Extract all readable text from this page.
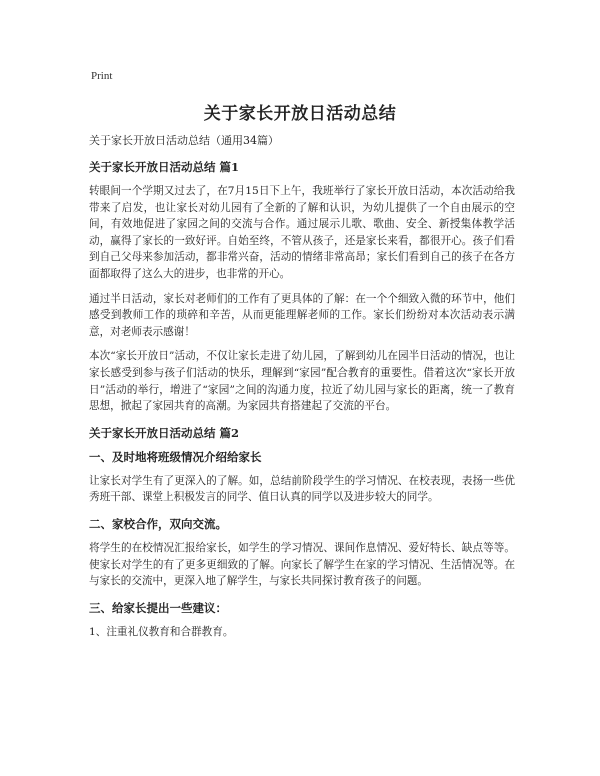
Print
关于家长开放日活动总结
关于家长开放日活动总结（通用34篇）
关于家长开放日活动总结 篇1

转眼间一个学期又过去了，在7月15日下上午，我班举行了家长开放日活动，本次活动给我带来了启发，也让家长对幼儿园有了全新的了解和认识，为幼儿提供了一个自由展示的空间，有效地促进了家园之间的交流与合作。通过展示儿歌、歌曲、安全、新授集体教学活动，赢得了家长的一致好评。自始至终，不管从孩子，还是家长来看，都很开心。孩子们看到自己父母来参加活动，都非常兴奋，活动的情绪非常高昂；家长们看到自己的孩子在各方面都取得了这么大的进步，也非常的开心。

通过半日活动，家长对老师们的工作有了更具体的了解：在一个个细致入微的环节中，他们感受到教师工作的琐碎和辛苦，从而更能理解老师的工作。家长们纷纷对本次活动表示满意，对老师表示感谢！

本次“家长开放日”活动，不仅让家长走进了幼儿园，了解到幼儿在园半日活动的情况，也让家长感受到参与孩子们活动的快乐，理解到“家园”配合教育的重要性。借着这次“家长开放日”活动的举行，增进了“家园”之间的沟通力度，拉近了幼儿园与家长的距离，统一了教育思想，掀起了家园共育的高潮。为家园共育搭建起了交流的平台。

关于家长开放日活动总结 篇2
一、及时地将班级情况介绍给家长

让家长对学生有了更深入的了解。如，总结前阶段学生的学习情况、在校表现，表扬一些优秀班干部、课堂上积极发言的同学、值日认真的同学以及进步较大的同学。

二、家校合作，双向交流。

将学生的在校情况汇报给家长，如学生的学习情况、课间作息情况、爱好特长、缺点等等。使家长对学生的有了更多更细致的了解。向家长了解学生在家的学习情况、生活情况等。在与家长的交流中，更深入地了解学生，与家长共同探讨教育孩子的问题。

三、给家长提出一些建议：

1、注重礼仪教育和合群教育。
